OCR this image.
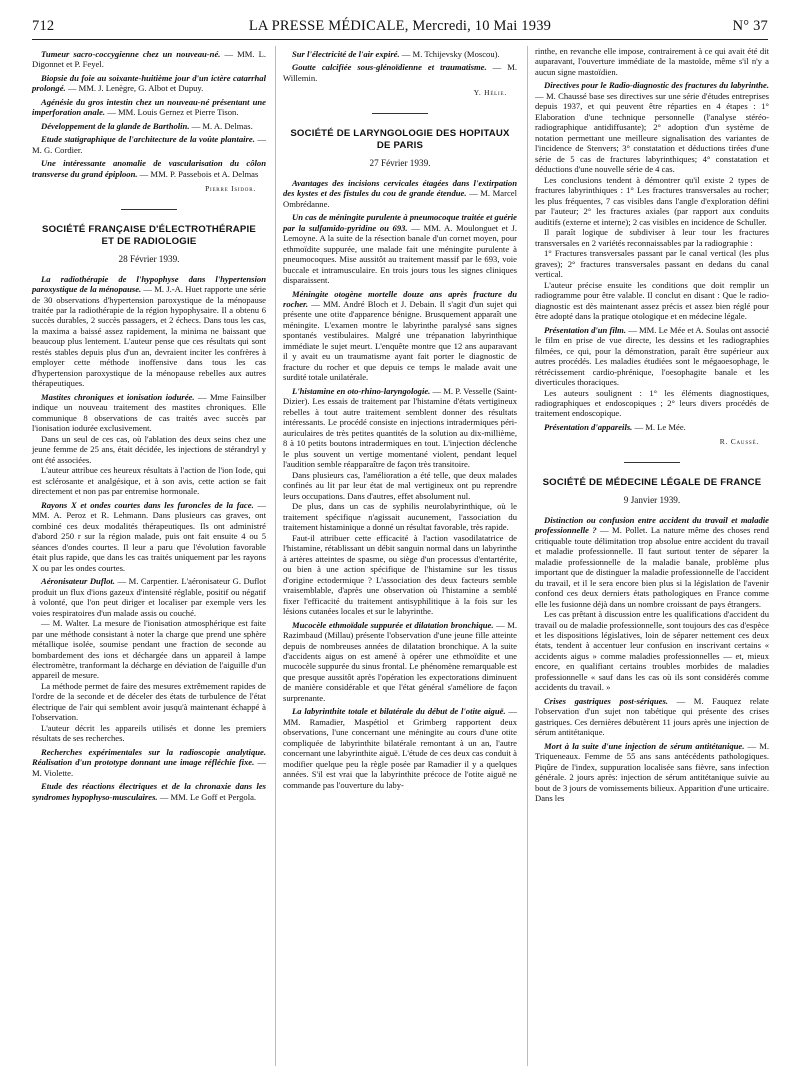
712	LA PRESSE MÉDICALE, Mercredi, 10 Mai 1939	N° 37

Tumeur sacro-coccygienne chez un nouveau-né. — MM. L. Digonnet et P. Feyel.

Biopsie du foie au soixante-huitième jour d'un ictère catarrhal prolongé. — MM. J. Lenègre, G. Albot et Dupuy.

Agénésie du gros intestin chez un nouveau-né présentant une imperforation anale. — MM. Louis Gernez et Pierre Tison.

Développement de la glande de Bartholin. — M. A. Delmas.

Etude statigraphique de l'architecture de la voûte plantaire. — M. G. Cordier.

Une intéressante anomalie de vascularisation du côlon transverse du grand épiploon. — MM. P. Passebois et A. Delmas

Pierre Isidor.

SOCIÉTÉ FRANÇAISE D'ÉLECTROTHÉRAPIE ET DE RADIOLOGIE
28 Février 1939.

La radiothérapie de l'hypophyse dans l'hypertension paroxystique de la ménopause. — M. J.-A. Huet rapporte une série de 30 observations d'hypertension paroxystique de la ménopause traitée par la radiothérapie de la région hypophysaire. Il a obtenu 6 succès durables, 2 succès passagers, et 2 échecs. Dans tous les cas, la maxima a baissé assez rapidement, la minima ne baissant que beaucoup plus lentement. L'auteur pense que ces résultats qui sont restés stables depuis plus d'un an, devraient inciter les confrères à employer cette méthode inoffensive dans tous les cas d'hypertension paroxystique de la ménopause rebelles aux autres thérapeutiques.

Mastites chroniques et ionisation iodurée. — Mme Fainsilber indique un nouveau traitement des mastites chroniques. Elle communique 8 observations de cas traités avec succès par l'ionisation iodurée exclusivement.

Dans un seul de ces cas, où l'ablation des deux seins chez une jeune femme de 25 ans, était décidée, les injections de stérandryl y ont été associées.

L'auteur attribue ces heureux résultats à l'action de l'ion Iode, qui est sclérosante et analgésique, et à son avis, cette action se fait directement et non pas par entremise hormonale.

Rayons X et ondes courtes dans les furoncles de la face. — MM. A. Peroz et R. Lehmann. Dans plusieurs cas graves, ont combiné ces deux modalités thérapeutiques. Ils ont administré d'abord 250 r sur la région malade, puis ont fait ensuite 4 ou 5 séances d'ondes courtes. Il leur a paru que l'évolution favorable était plus rapide, que dans les cas traités uniquement par les rayons X ou par les ondes courtes.

Aéronisateur Duflot. — M. Carpentier. L'aéronisateur G. Duflot produit un flux d'ions gazeux d'intensité réglable, positif ou négatif à volonté, que l'on peut diriger et localiser par exemple vers les voies respiratoires d'un malade assis ou couché.

— M. Walter. La mesure de l'ionisation atmosphérique est faite par une méthode consistant à noter la charge que prend une sphère métallique isolée, soumise pendant une fraction de seconde au bombardement des ions et déchargée dans un appareil à lampe électromètre, tranformant la décharge en déviation de l'aiguille d'un appareil de mesure.

La méthode permet de faire des mesures extrêmement rapides de l'ordre de la seconde et de déceler des états de turbulence de l'état électrique de l'air qui semblent avoir jusqu'à maintenant échappé à l'observation.

L'auteur décrit les appareils utilisés et donne les premiers résultats de ses recherches.

Recherches expérimentales sur la radioscopie analytique. Réalisation d'un prototype donnant une image réfléchie fixe. — M. Violette.

Etude des réactions électriques et de la chronaxie dans les syndromes hypophyso-musculaires. — MM. Le Goff et Pergola.

Sur l'électricité de l'air expiré. — M. Tchijevsky (Moscou).

Goutte calcifiée sous-glénoïdienne et traumatisme. — M. Willemin.

Y. Hélie.

SOCIÉTÉ DE LARYNGOLOGIE DES HOPITAUX DE PARIS
27 Février 1939.

Avantages des incisions cervicales étagées dans l'extirpation des kystes et des fistules du cou de grande étendue. — M. Marcel Ombrédanne.

Un cas de méningite purulente à pneumocoque traitée et guérie par la sulfamido-pyridine ou 693. — MM. A. Moulonguet et J. Lemoyne. A la suite de la résection banale d'un cornet moyen, pour ethmoïdite suppurée, une malade fait une méningite purulente à pneumocoques. Mise aussitôt au traitement massif par le 693, voie buccale et intramusculaire. En trois jours tous les signes cliniques disparaissent.

Méningite otogène mortelle douze ans après fracture du rocher. — MM. André Bloch et J. Debain. Il s'agit d'un sujet qui présente une otite d'apparence bénigne. Brusquement apparaît une méningite. L'examen montre le labyrinthe paralysé sans signes spontanés vestibulaires. Malgré une trépanation labyrinthique immédiate le sujet meurt. L'enquête montre que 12 ans auparavant il y avait eu un traumatisme ayant fait porter le diagnostic de fracture du rocher et que depuis ce temps le malade avait une surdité totale unilatérale.

L'histamine en oto-rhino-laryngologie. — M. P. Vesselle (Saint-Dizier). Les essais de traitement par l'histamine d'états vertigineux rebelles à tout autre traitement semblent donner des résultats intéressants. Le procédé consiste en injections intradermiques péri-auriculaires de très petites quantités de la solution au dix-millième, 8 à 10 petits boutons intradermiques en tout. L'injection déclenche le plus souvent un vertige momentané violent, pendant lequel l'audition semble réapparaître de façon très transitoire.

Dans plusieurs cas, l'amélioration a été telle, que deux malades confinés au lit par leur état de mal vertigineux ont pu reprendre leurs occupations. Dans d'autres, effet absolument nul.

De plus, dans un cas de syphilis neurolabyrinthique, où le traitement spécifique n'agissait aucunement, l'association du traitement histaminique a donné un résultat favorable, très rapide.

Faut-il attribuer cette efficacité à l'action vasodilatatrice de l'histamine, rétablissant un débit sanguin normal dans un labyrinthe à artères atteintes de spasme, ou siège d'un processus d'entartérite, ou bien à une action spécifique de l'histamine sur les tissus d'origine ectodermique ? L'association des deux facteurs semble vraisemblable, d'après une observation où l'histamine a semblé fixer l'efficacité du traitement antisyphilitique à la fois sur les lésions cutanées locales et sur le labyrinthe.

Mucocèle ethmoïdale suppurée et dilatation bronchique. — M. Razimbaud (Millau) présente l'observation d'une jeune fille atteinte depuis de nombreuses années de dilatation bronchique. A la suite d'accidents aigus on est amené à opérer une ethmoïdite et une mucocèle suppurée du sinus frontal. Le phénomène remarquable est que presque aussitôt après l'opération les expectorations diminuent de manière considérable et que l'état général s'améliore de façon surprenante.

La labyrinthite totale et bilatérale du début de l'otite aiguë. — MM. Ramadier, Maspétiol et Grimberg rapportent deux observations, l'une concernant une méningite au cours d'une otite compliquée de labyrinthite bilatérale remontant à un an, l'autre concernant une labyrinthite aiguë. L'étude de ces deux cas conduit à modifier quelque peu la règle posée par Ramadier il y a quelques années. S'il est vrai que la labyrinthite précoce de l'otite aiguë ne commande pas l'ouverture du laby-

rinthe, en revanche elle impose, contrairement à ce qui avait été dit auparavant, l'ouverture immédiate de la mastoïde, même s'il n'y a aucun signe mastoïdien.

Directives pour le Radio-diagnostic des fractures du labyrinthe. — M. Chaussé base ses directives sur une série d'études entreprises depuis 1937, et qui peuvent être réparties en 4 étapes : 1° Elaboration d'une technique personnelle (l'analyse stéréo-radiographique antidiffusante); 2° adoption d'un système de notation permettant une meilleure signalisation des variantes de l'incidence de Stenvers; 3° constatation et déductions tirées d'une série de 5 cas de fractures labyrinthiques; 4° constatation et déductions d'une nouvelle série de 4 cas.

Les conclusions tendent à démontrer qu'il existe 2 types de fractures labyrinthiques : 1° Les fractures transversales au rocher; les plus fréquentes, 7 cas visibles dans l'angle d'exploration défini par l'auteur; 2° les fractures axiales (par rapport aux conduits auditifs (externe et interne); 2 cas visibles en incidence de Schuller.

Il paraît logique de subdiviser à leur tour les fractures transversales en 2 variétés reconnaissables par la radiographie :

1° Fractures transversales passant par le canal vertical (les plus graves); 2° fractures transversales passant en dedans du canal vertical.

L'auteur précise ensuite les conditions que doit remplir un radiogramme pour être valable. Il conclut en disant : Que le radio-diagnostic est dès maintenant assez précis et assez bien réglé pour être adopté dans la pratique otologique et en médecine légale.

Présentation d'un film. — MM. Le Mée et A. Soulas ont associé le film en prise de vue directe, les dessins et les radiographies filmées, ce qui, pour la démonstration, paraît être supérieur aux autres procédés. Les maladies étudiées sont le mégaoesophage, le rétrécissement cardio-phrénique, l'oesophagite banale et les diverticules thoraciques.

Les auteurs soulignent : 1° les éléments diagnostiques, radiographiques et endoscopiques ; 2° leurs divers procédés de traitement endoscopique.

Présentation d'appareils. — M. Le Mée.

R. Caussé.

SOCIÉTÉ DE MÉDECINE LÉGALE DE FRANCE
9 Janvier 1939.

Distinction ou confusion entre accident du travail et maladie professionnelle ? — M. Pollet. La nature même des choses rend critiquable toute délimitation trop absolue entre accident du travail et maladie professionnelle. Il faut surtout tenter de séparer la maladie professionnelle de la maladie banale, problème plus important que de distinguer la maladie professionnelle de l'accident du travail, et il le sera encore bien plus si la législation de l'avenir confond ces deux derniers états pathologiques en France comme elle les fusionne déjà dans un nombre croissant de pays étrangers.

Les cas prêtant à discussion entre les qualifications d'accident du travail ou de maladie professionnelle, sont toujours des cas d'espèce et les dispositions législatives, loin de séparer nettement ces deux états, tendent à accentuer leur confusion en inscrivant certains « accidents aigus » comme maladies professionnelles — et, mieux encore, en qualifiant certains troubles morbides de maladies professionnelle « sauf dans les cas où ils sont considérés comme accidents du travail. »

Crises gastriques post-sériques. — M. Fauquez relate l'observation d'un sujet non tabétique qui présente des crises gastriques. Ces dernières débutèrent 11 jours après une injection de sérum antitétanique.

Mort à la suite d'une injection de sérum antitétanique. — M. Triqueneaux. Femme de 55 ans sans antécédents pathologiques. Piqûre de l'index, suppuration localisée sans fièvre, sans infection générale. 2 jours après: injection de sérum antitétanique suivie au bout de 3 jours de vomissements bilieux. Apparition d'une urticaire. Dans les
